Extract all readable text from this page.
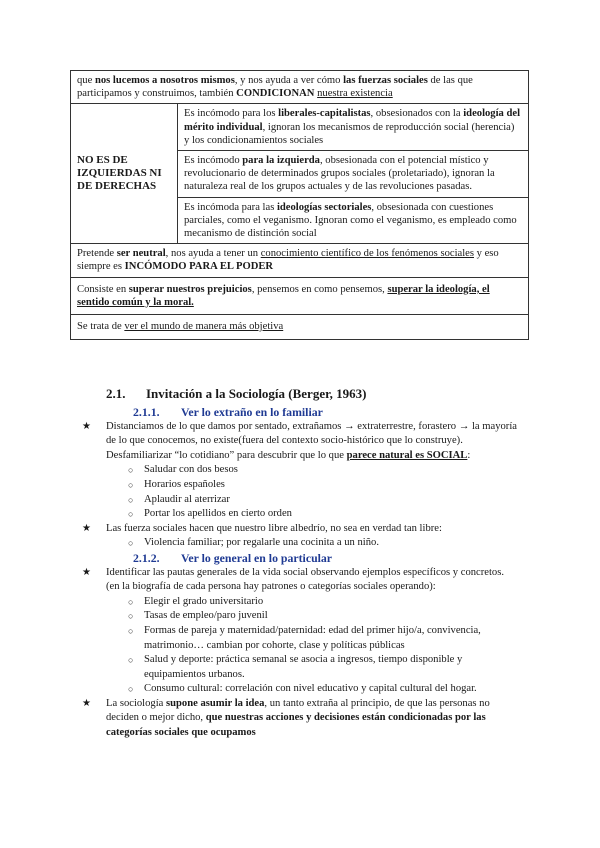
que nos lucemos a nosotros mismos, y nos ayuda a ver cómo las fuerzas sociales de las que participamos y construimos, también CONDICIONAN nuestra existencia
NO ES DE IZQUIERDAS NI DE DERECHAS	Es incómodo para los liberales-capitalistas, obsesionados con la ideología del mérito individual, ignoran los mecanismos de reproducción social (herencia) y los condicionamientos sociales
Es incómodo para la izquierda, obsesionada con el potencial místico y revolucionario de determinados grupos sociales (proletariado), ignoran la naturaleza real de los grupos actuales y de las revoluciones pasadas.
Es incómoda para las ideologías sectoriales, obsesionada con cuestiones parciales, como el veganismo. Ignoran como el veganismo, es empleado como mecanismo de distinción social
Pretende ser neutral, nos ayuda a tener un conocimiento científico de los fenómenos sociales y eso siempre es INCÓMODO PARA EL PODER
Consiste en superar nuestros prejuicios, pensemos en como pensemos, superar la ideología, el sentido común y la moral.
Se trata de ver el mundo de manera más objetiva
2.1. Invitación a la Sociología (Berger, 1963)
2.1.1. Ver lo extraño en lo familiar
★ Distanciamos de lo que damos por sentado, extrañamos → extraterrestre, forastero → la mayoría de lo que conocemos, no existe(fuera del contexto socio-histórico que lo construye). Desfamiliarizar “lo cotidiano” para descubrir que lo que parece natural es SOCIAL:
○ Saludar con dos besos
○ Horarios españoles
○ Aplaudir al aterrizar
○ Portar los apellidos en cierto orden
★ Las fuerza sociales hacen que nuestro libre albedrío, no sea en verdad tan libre:
○ Violencia familiar; por regalarle una cocinita a un niño.
2.1.2. Ver lo general en lo particular
★ Identificar las pautas generales de la vida social observando ejemplos específicos y concretos. (en la biografía de cada persona hay patrones o categorías sociales operando):
○ Elegir el grado universitario
○ Tasas de empleo/paro juvenil
○ Formas de pareja y maternidad/paternidad: edad del primer hijo/a, convivencia, matrimonio… cambian por cohorte, clase y políticas públicas
○ Salud y deporte: práctica semanal se asocia a ingresos, tiempo disponible y equipamientos urbanos.
○ Consumo cultural: correlación con nivel educativo y capital cultural del hogar.
★ La sociología supone asumir la idea, un tanto extraña al principio, de que las personas no deciden o mejor dicho, que nuestras acciones y decisiones están condicionadas por las categorías sociales que ocupamos
